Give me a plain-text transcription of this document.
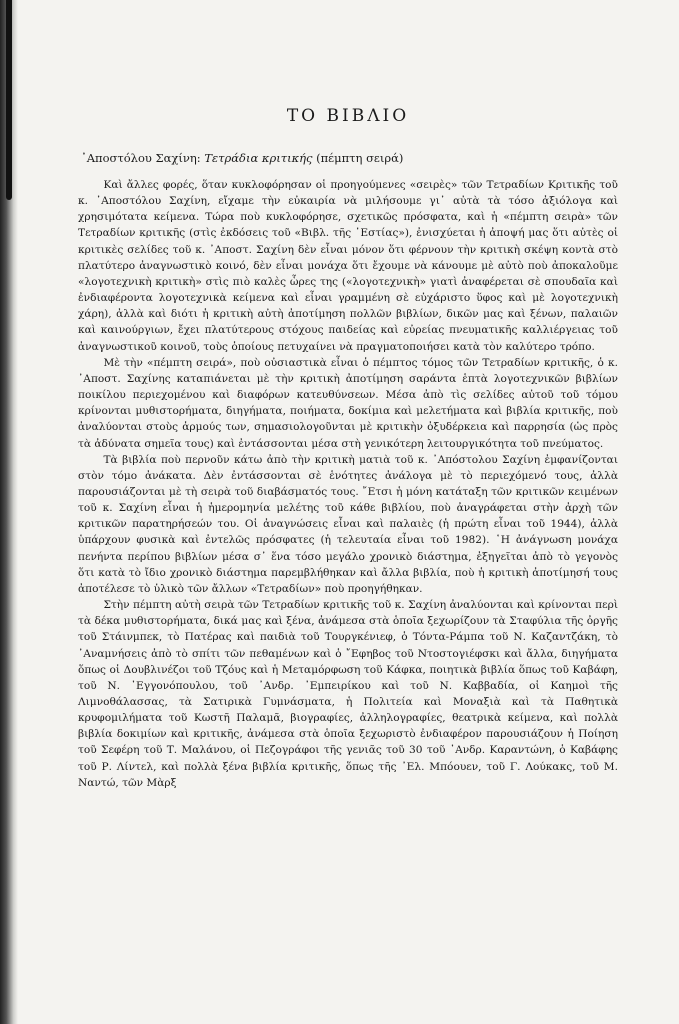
ΤΟ ΒΙΒΛΙΟ
᾿Αποστόλου Σαχίνη: Τετράδια κριτικής (πέμπτη σειρά)

Καὶ ἄλλες φορές, ὅταν κυκλοφόρησαν οἱ προηγούμενες «σειρὲς» τῶν Τετραδίων Κριτικῆς τοῦ κ. ᾿Αποστόλου Σαχίνη, εἴχαμε τὴν εὐκαιρία νὰ μιλήσουμε γι᾿ αὐτὰ τὰ τόσο ἀξιόλογα καὶ χρησιμότατα κείμενα. Τώρα ποὺ κυκλοφόρησε, σχετικῶς πρόσφατα, καὶ ἡ «πέμπτη σειρὰ» τῶν Τετραδίων κριτικῆς (στὶς ἐκδόσεις τοῦ «Βιβλ. τῆς ῾Εστίας»), ἐνισχύεται ἡ ἀποψή μας ὅτι αὐτὲς οἱ κριτικὲς σελίδες τοῦ κ. ᾿Αποστ. Σαχίνη δὲν εἶναι μόνον ὅτι φέρνουν τὴν κριτικὴ σκέψη κοντὰ στὸ πλατύτερο ἀναγνωστικὸ κοινό, δὲν εἶναι μονάχα ὅτι ἔχουμε νὰ κάνουμε μὲ αὐτὸ ποὺ ἀποκαλοῦμε «λογοτεχνικὴ κριτικὴ» στὶς πιὸ καλὲς ὧρες της («λογοτεχνικὴ» γιατὶ ἀναφέρεται σὲ σπουδαῖα καὶ ἐνδιαφέροντα λογοτεχνικὰ κείμενα καὶ εἶναι γραμμένη σὲ εὐχάριστο ὕφος καὶ μὲ λογοτεχνικὴ χάρη), ἀλλὰ καὶ διότι ἡ κριτικὴ αὐτὴ ἀποτίμηση πολλῶν βιβλίων, δικῶν μας καὶ ξένων, παλαιῶν καὶ καινούργιων, ἔχει πλατύτερους στόχους παιδείας καὶ εὐρείας πνευματικῆς καλλιέργειας τοῦ ἀναγνωστικοῦ κοινοῦ, τοὺς ὁποίους πετυχαίνει νὰ πραγματοποιήσει κατὰ τὸν καλύτερο τρόπο.

Μὲ τὴν «πέμπτη σειρά», ποὺ οὐσιαστικὰ εἶναι ὁ πέμπτος τόμος τῶν Τετραδίων κριτικῆς, ὁ κ. ᾿Αποστ. Σαχίνης καταπιάνεται μὲ τὴν κριτικὴ ἀποτίμηση σαράντα ἑπτὰ λογοτεχνικῶν βιβλίων ποικίλου περιεχομένου καὶ διαφόρων κατευθύνσεων. Μέσα ἀπὸ τὶς σελίδες αὐτοῦ τοῦ τόμου κρίνονται μυθιστορήματα, διηγήματα, ποιήματα, δοκίμια καὶ μελετήματα καὶ βιβλία κριτικῆς, ποὺ ἀναλύονται στοὺς ἁρμούς των, σημασιολογοῦνται μὲ κριτικὴν ὀξυδέρκεια καὶ παρρησία (ὡς πρὸς τὰ ἀδύνατα σημεῖα τους) καὶ ἐντάσσονται μέσα στὴ γενικότερη λειτουργικότητα τοῦ πνεύματος.

Τὰ βιβλία ποὺ περνοῦν κάτω ἀπὸ τὴν κριτικὴ ματιὰ τοῦ κ. ᾿Απόστολου Σαχίνη ἐμφανίζονται στὸν τόμο ἀνάκατα. Δὲν ἐντάσσονται σὲ ἑνότητες ἀνάλογα μὲ τὸ περιεχόμενό τους, ἀλλὰ παρουσιάζονται μὲ τὴ σειρὰ τοῦ διαβάσματός τους. ῎Ετσι ἡ μόνη κατάταξη τῶν κριτικῶν κειμένων τοῦ κ. Σαχίνη εἶναι ἡ ἡμερομηνία μελέτης τοῦ κάθε βιβλίου, ποὺ ἀναγράφεται στὴν ἀρχὴ τῶν κριτικῶν παρατηρήσεών του. Οἱ ἀναγνώσεις εἶναι καὶ παλαιὲς (ἡ πρώτη εἶναι τοῦ 1944), ἀλλὰ ὑπάρχουν φυσικὰ καὶ ἐντελῶς πρόσφατες (ἡ τελευταία εἶναι τοῦ 1982). ῾Η ἀνάγνωση μονάχα πενήντα περίπου βιβλίων μέσα σ᾿ ἕνα τόσο μεγάλο χρονικὸ διάστημα, ἐξηγεῖται ἀπὸ τὸ γεγονὸς ὅτι κατὰ τὸ ἴδιο χρονικὸ διάστημα παρεμβλήθηκαν καὶ ἄλλα βιβλία, ποὺ ἡ κριτικὴ ἀποτίμησή τους ἀποτέλεσε τὸ ὑλικὸ τῶν ἄλλων «Τετραδίων» ποὺ προηγήθηκαν.

Στὴν πέμπτη αὐτὴ σειρὰ τῶν Τετραδίων κριτικῆς τοῦ κ. Σαχίνη ἀναλύονται καὶ κρίνονται περὶ τὰ δέκα μυθιστορήματα, δικά μας καὶ ξένα, ἀνάμεσα στὰ ὁποῖα ξεχωρίζουν τὰ Σταφύλια τῆς ὀργῆς τοῦ Στάινμπεκ, τὸ Πατέρας καὶ παιδιὰ τοῦ Τουργκένιεφ, ὁ Τόντα-Ράμπα τοῦ Ν. Καζαντζάκη, τὸ ᾿Αναμνήσεις ἀπὸ τὸ σπίτι τῶν πεθαμένων καὶ ὁ ῎Εφηβος τοῦ Ντοστογιέφσκι καὶ ἄλλα, διηγήματα ὅπως οἱ Δουβλινέζοι τοῦ Τζόυς καὶ ἡ Μεταμόρφωση τοῦ Κάφκα, ποιητικὰ βιβλία ὅπως τοῦ Καβάφη, τοῦ Ν. ᾿Εγγονόπουλου, τοῦ ᾿Ανδρ. ᾿Εμπειρίκου καὶ τοῦ Ν. Καββαδία, οἱ Καημοὶ τῆς Λιμνοθάλασσας, τὰ Σατιρικὰ Γυμνάσματα, ἡ Πολιτεία καὶ Μοναξιὰ καὶ τὰ Παθητικὰ κρυφομιλήματα τοῦ Κωστῆ Παλαμᾶ, βιογραφίες, ἀλληλογραφίες, θεατρικὰ κείμενα, καὶ πολλὰ βιβλία δοκιμίων καὶ κριτικῆς, ἀνάμεσα στὰ ὁποῖα ξεχωριστὸ ἐνδιαφέρον παρουσιάζουν ἡ Ποίηση τοῦ Σεφέρη τοῦ Τ. Μαλάνου, οἱ Πεζογράφοι τῆς γενιᾶς τοῦ 30 τοῦ ᾿Ανδρ. Καραντώνη, ὁ Καβάφης τοῦ Ρ. Λίντελ, καὶ πολλὰ ξένα βιβλία κριτικῆς, ὅπως τῆς ᾿Ελ. Μπόουεν, τοῦ Γ. Λούκακς, τοῦ Μ. Ναντώ, τῶν Μὰρξ
